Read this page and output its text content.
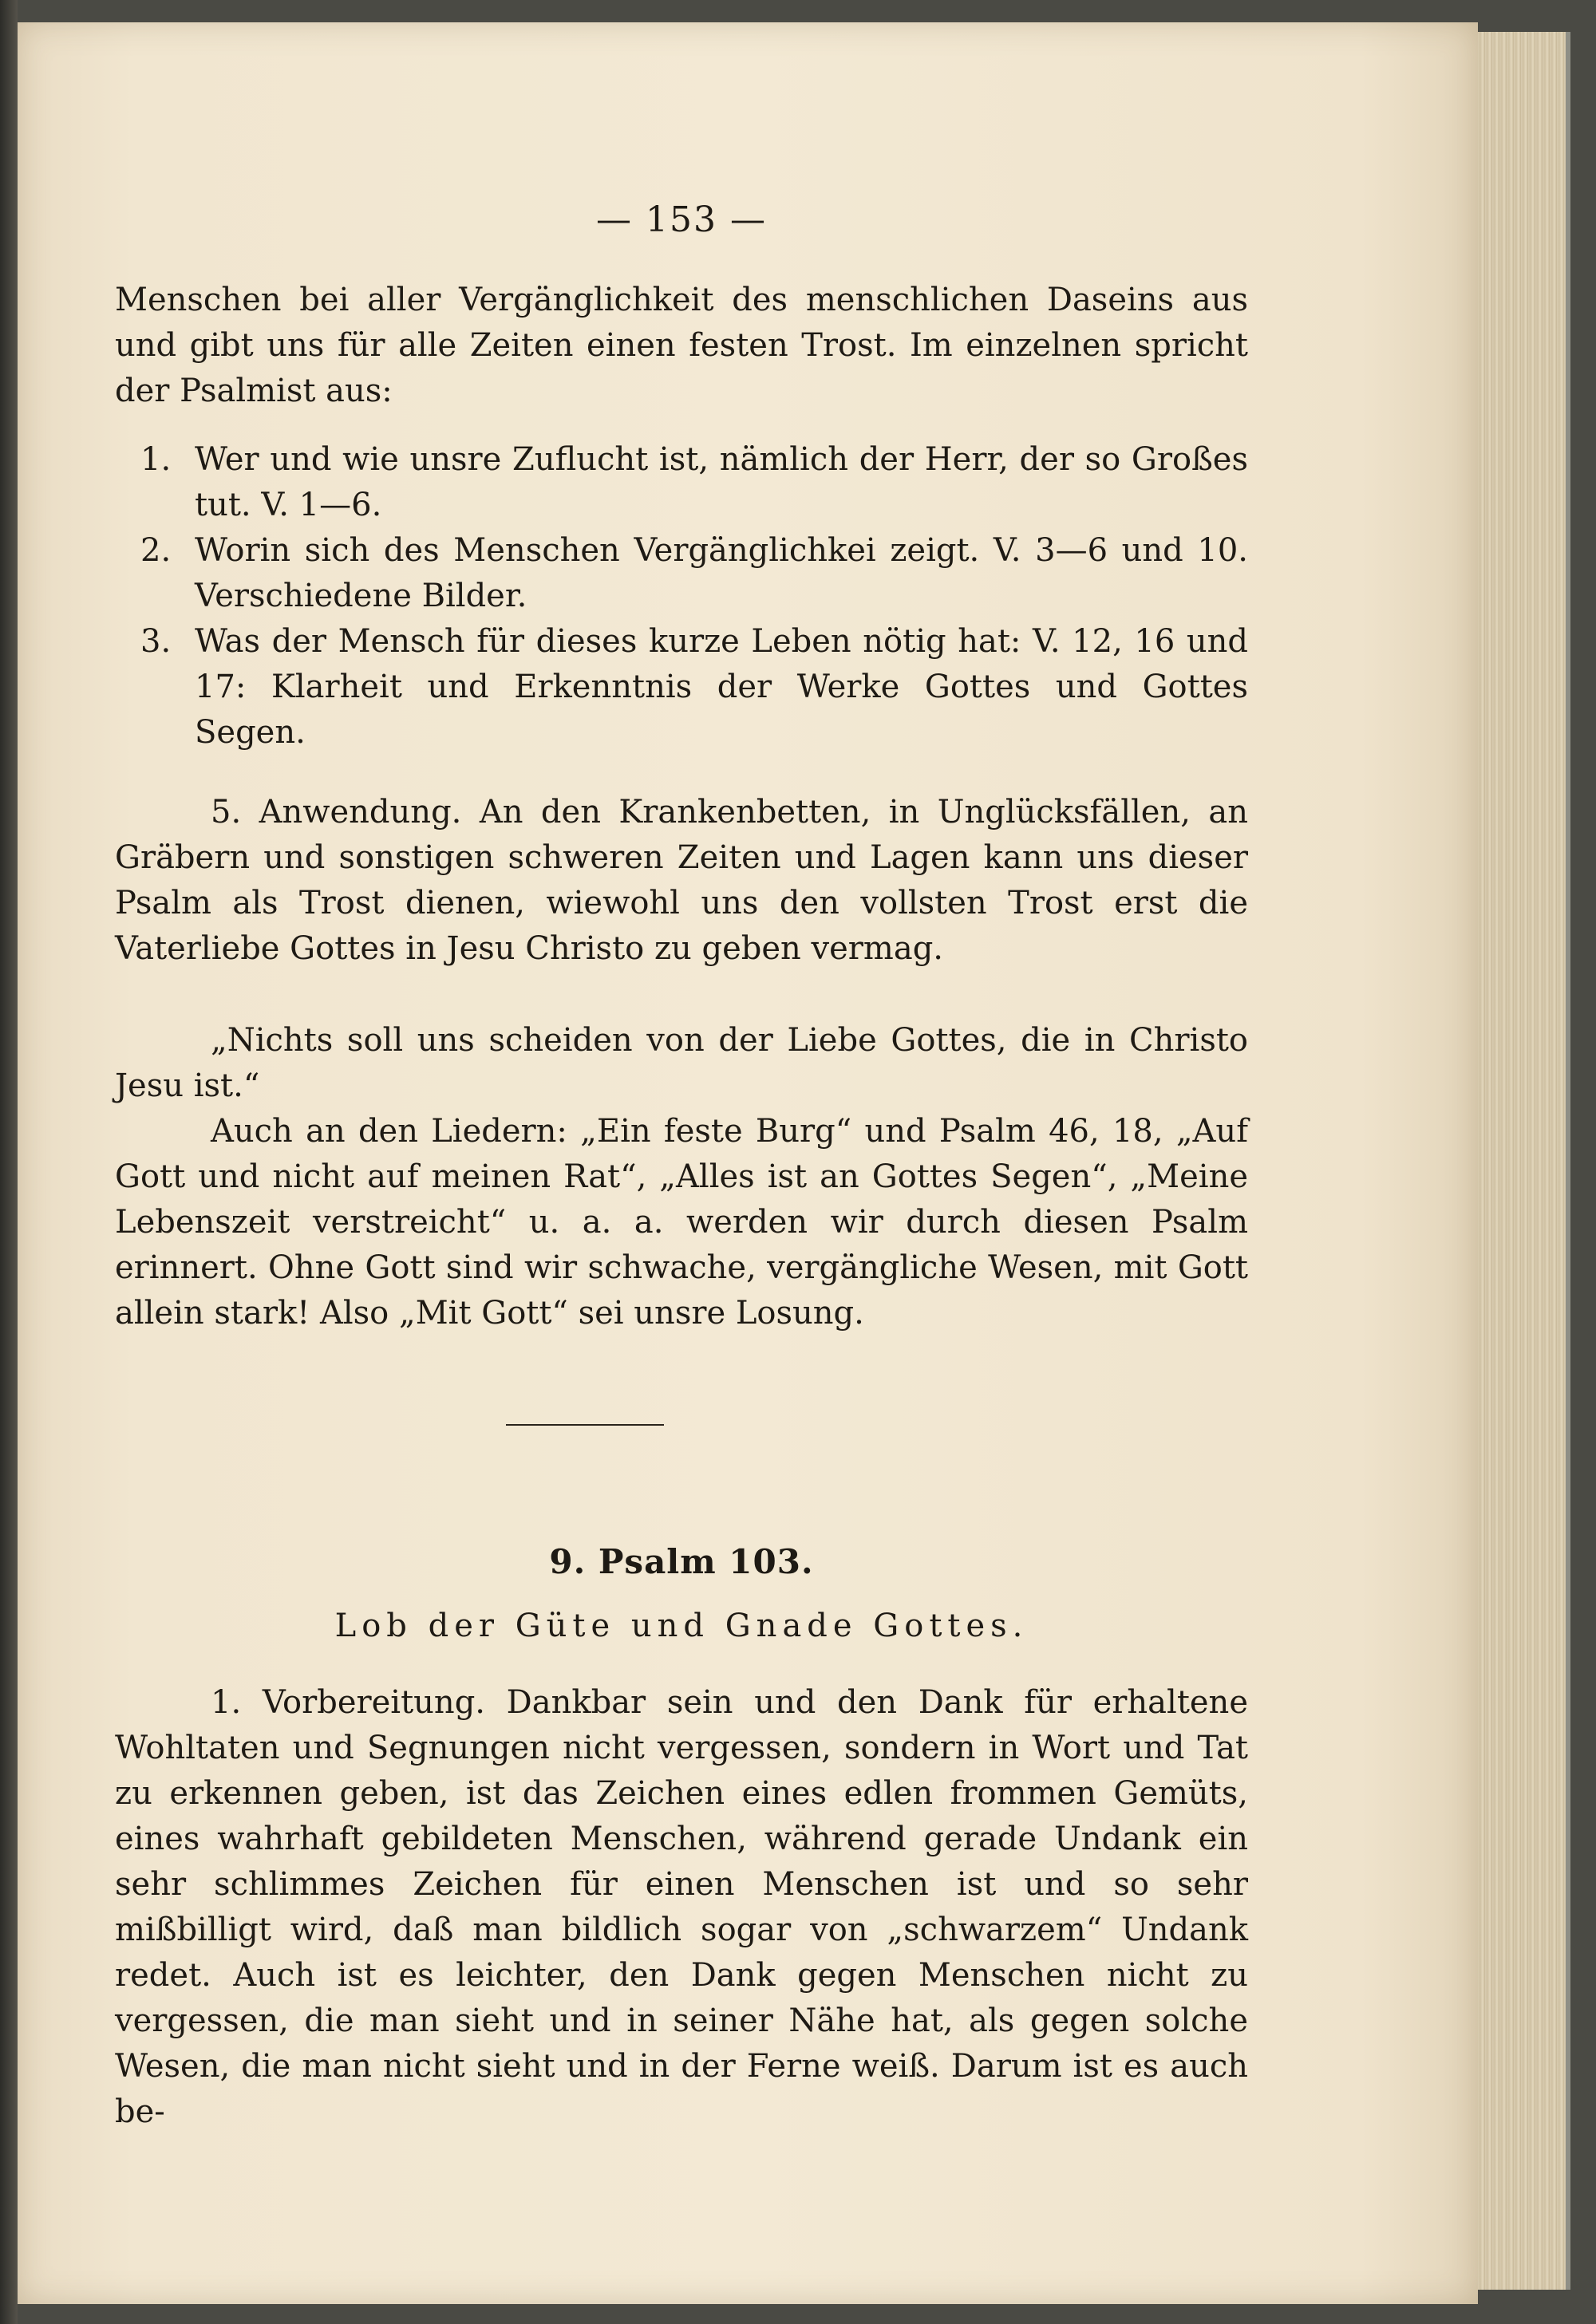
— 153 —

Menschen bei aller Vergänglichkeit des menschlichen Daseins aus und gibt uns für alle Zeiten einen festen Trost. Im einzelnen spricht der Psalmist aus:

1. Wer und wie unsre Zuflucht ist, nämlich der Herr, der so Großes tut. V. 1—6.

2. Worin sich des Menschen Vergänglichkei zeigt. V. 3—6 und 10. Verschiedene Bilder.

3. Was der Mensch für dieses kurze Leben nötig hat: V. 12, 16 und 17: Klarheit und Erkenntnis der Werke Gottes und Gottes Segen.

5. Anwendung. An den Krankenbetten, in Unglücksfällen, an Gräbern und sonstigen schweren Zeiten und Lagen kann uns dieser Psalm als Trost dienen, wiewohl uns den vollsten Trost erst die Vaterliebe Gottes in Jesu Christo zu geben vermag.

„Nichts soll uns scheiden von der Liebe Gottes, die in Christo Jesu ist.“

Auch an den Liedern: „Ein feste Burg“ und Psalm 46, 18, „Auf Gott und nicht auf meinen Rat“, „Alles ist an Gottes Segen“, „Meine Lebenszeit verstreicht“ u. a. a. werden wir durch diesen Psalm erinnert. Ohne Gott sind wir schwache, vergängliche Wesen, mit Gott allein stark! Also „Mit Gott“ sei unsre Losung.

9. Psalm 103.
Lob der Güte und Gnade Gottes.

1. Vorbereitung. Dankbar sein und den Dank für erhaltene Wohltaten und Segnungen nicht vergessen, sondern in Wort und Tat zu erkennen geben, ist das Zeichen eines edlen frommen Gemüts, eines wahrhaft gebildeten Menschen, während gerade Undank ein sehr schlimmes Zeichen für einen Menschen ist und so sehr mißbilligt wird, daß man bildlich sogar von „schwarzem“ Undank redet. Auch ist es leichter, den Dank gegen Menschen nicht zu vergessen, die man sieht und in seiner Nähe hat, als gegen solche Wesen, die man nicht sieht und in der Ferne weiß. Darum ist es auch be-
